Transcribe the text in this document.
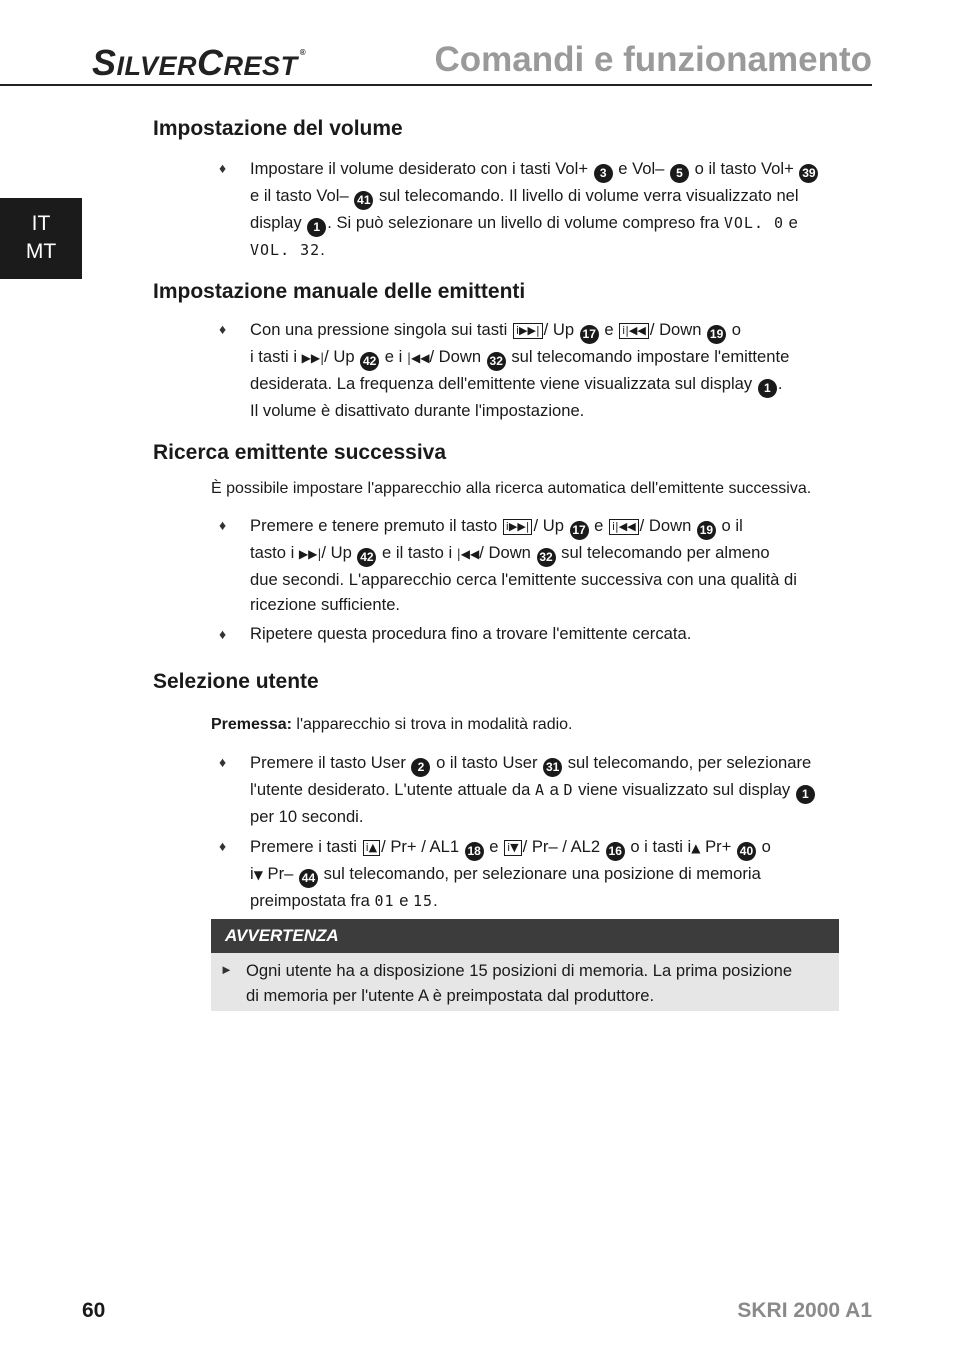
SILVERCREST ®	Comandi e funzionamento
IT
MT
Impostazione del volume
♦ Impostare il volume desiderato con i tasti Vol+ 3 e Vol– 5 o il tasto Vol+ 39
e il tasto Vol– 41 sul telecomando. Il livello di volume verra visualizzato nel
display 1 . Si può selezionare un livello di volume compreso fra VOL. 0 e
VOL. 32.
Impostazione manuale delle emittenti
♦ Con una pressione singola sui tasti i▶▶| / Up 17 e i|◀◀ / Down 19 o
i tasti i ▶▶|/ Up 42 e i |◀◀/ Down 32 sul telecomando impostare l'emittente
desiderata. La frequenza dell'emittente viene visualizzata sul display 1 .
Il volume è disattivato durante l'impostazione.
Ricerca emittente successiva
È possibile impostare l'apparecchio alla ricerca automatica dell'emittente successiva.
♦ Premere e tenere premuto il tasto i▶▶| / Up 17 e i|◀◀ / Down 19 o il
tasto i ▶▶|/ Up 42 e il tasto i |◀◀/ Down 32 sul telecomando per almeno
due secondi. L'apparecchio cerca l'emittente successiva con una qualità di
ricezione sufficiente.
♦ Ripetere questa procedura fino a trovare l'emittente cercata.
Selezione utente
Premessa: l'apparecchio si trova in modalità radio.
♦ Premere il tasto User 2 o il tasto User 31 sul telecomando, per selezionare
l'utente desiderato. L'utente attuale da A a D viene visualizzato sul display 1
per 10 secondi.
♦ Premere i tasti i▲ / Pr+ / AL1 18 e i▼ / Pr– / AL2 16 o i tasti i▲ Pr+ 40 o
i▼ Pr– 44 sul telecomando, per selezionare una posizione di memoria
preimpostata fra 01 e 15.
AVVERTENZA
► Ogni utente ha a disposizione 15 posizioni di memoria. La prima posizione
di memoria per l'utente A è preimpostata dal produttore.
60	SKRI 2000 A1
